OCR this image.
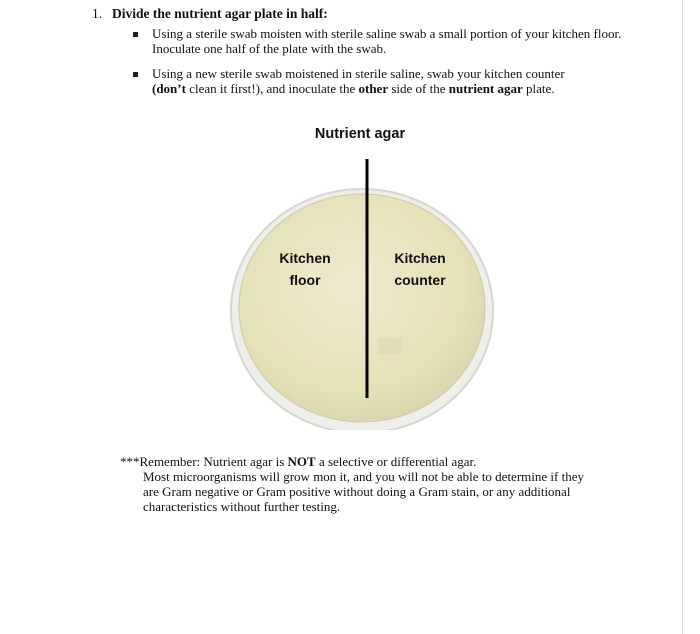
1. Divide the nutrient agar plate in half:
Using a sterile swab moisten with sterile saline swab a small portion of your kitchen floor.
Inoculate one half of the plate with the swab.
Using a new sterile swab moistened in sterile saline, swab your kitchen counter
(don’t clean it first!), and inoculate the other side of the nutrient agar plate.
Nutrient agar
Kitchen
floor
Kitchen
counter
***Remember: Nutrient agar is NOT a selective or differential agar.
Most microorganisms will grow mon it, and you will not be able to determine if they
are Gram negative or Gram positive without doing a Gram stain, or any additional
characteristics without further testing.
